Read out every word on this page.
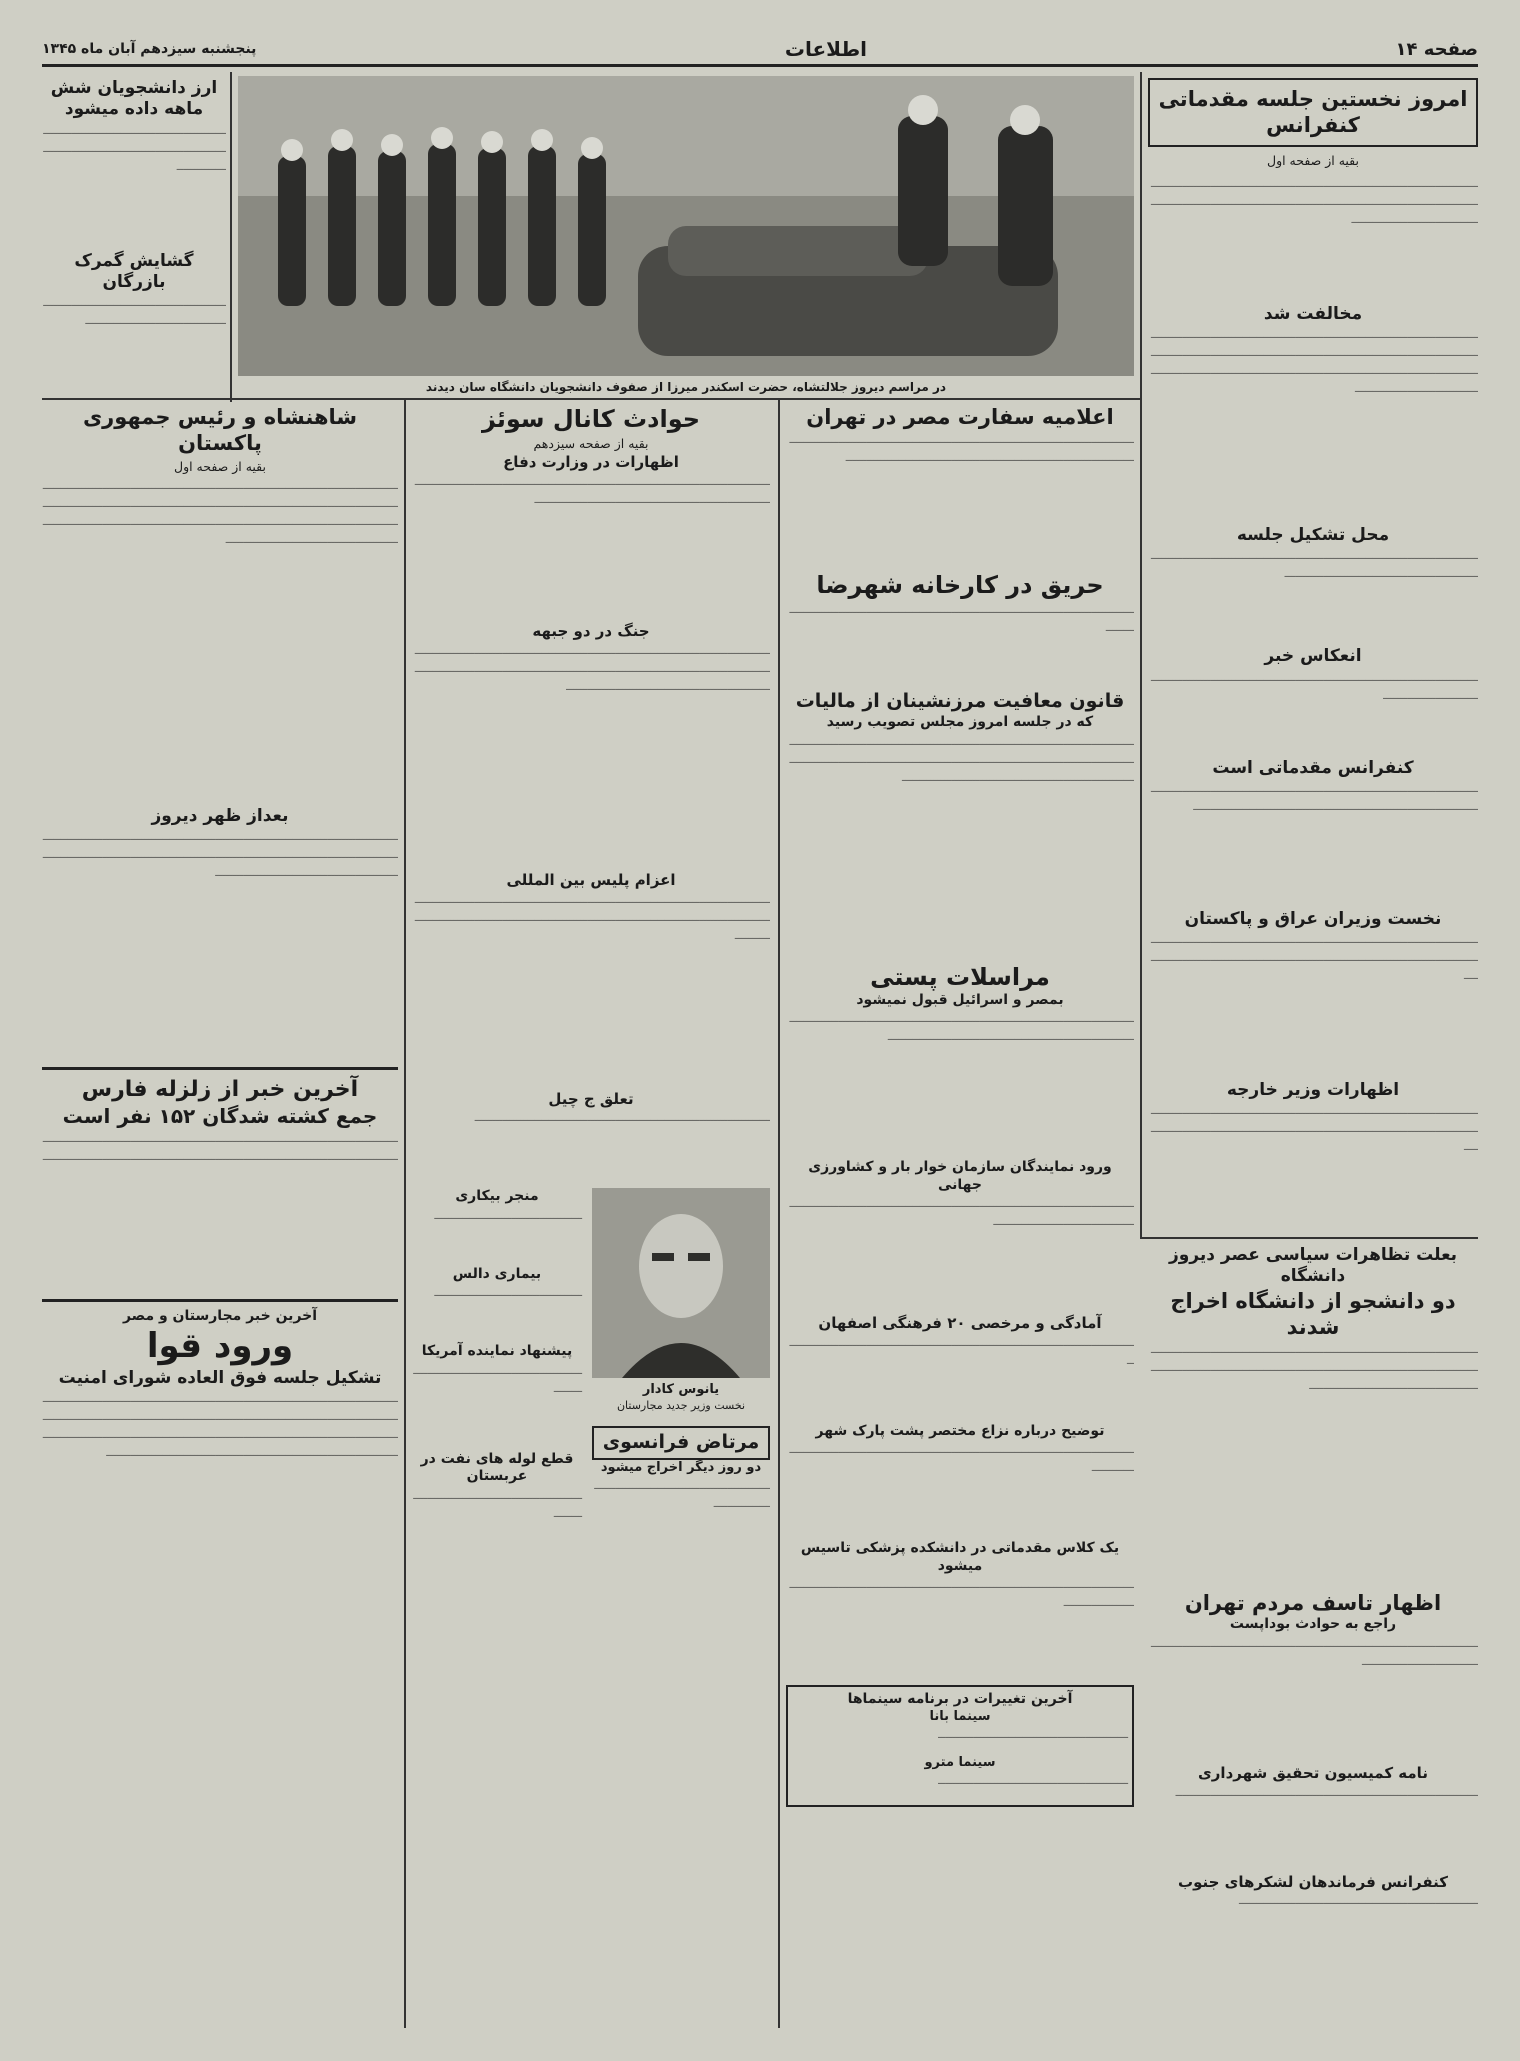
صفحه ۱۴
اطلاعات
پنجشنبه سیزدهم آبان ماه ۱۳۴۵
امروز نخستین جلسه مقدماتی کنفرانس
بقیه از صفحه اول
ــــــــــــــــــــــــــــــــــــــــــــــــــــــــــــــــــــــــــــــــــــــــــــــــــــــــــــــــــــــــــــــــــــــــــــــــــــــــــــــــــــــــــــــــــــــــــــــــــــــــــــــــــــــــــــــ
مخالفت شد
ــــــــــــــــــــــــــــــــــــــــــــــــــــــــــــــــــــــــــــــــــــــــــــــــــــــــــــــــــــــــــــــــــــــــــــــــــــــــــــــــــــــــــــــــــــــــــــــــــــــــــــــــــــــــــــــــــــــــــــــــــــــــــــــــــــــــــــــــــــــــــــــــــــــــــــــــــــــــــ
محل تشکیل جلسه
ــــــــــــــــــــــــــــــــــــــــــــــــــــــــــــــــــــــــــــــــــــــــــــــــــــــــــــــــــــــــــــــــــــــــــــــــــــ
انعکاس خبر
ــــــــــــــــــــــــــــــــــــــــــــــــــــــــــــــــــــــــــــــــــــــــــــــــــــــــــــــــــــــــ
کنفرانس مقدماتی است
ــــــــــــــــــــــــــــــــــــــــــــــــــــــــــــــــــــــــــــــــــــــــــــــــــــــــــــــــــــــــــــــــــــــــــــــــــــــــــــــــــــــــــــــ
نخست وزیران عراق و پاکستان
ــــــــــــــــــــــــــــــــــــــــــــــــــــــــــــــــــــــــــــــــــــــــــــــــــــــــــــــــــــــــــــــــــــــــــــــــــــــــــــــــــــــــــــــــــــــــــــــ
اظهارات وزیر خارجه
ــــــــــــــــــــــــــــــــــــــــــــــــــــــــــــــــــــــــــــــــــــــــــــــــــــــــــــــــــــــــــــــــــــــــــــــــــــــــــــــــــــــــــــــــــــــــــــــ
در مراسم دیروز جلالتشاه، حضرت اسکندر میرزا از صفوف دانشجویان دانشگاه سان دیدند
ارز دانشجویان شش ماهه داده میشود
ــــــــــــــــــــــــــــــــــــــــــــــــــــــــــــــــــــــــــــــــــــــــــــــــــــــــــــــــــــــ
گشایش گمرک بازرگان
ــــــــــــــــــــــــــــــــــــــــــــــــــــــــــــــــــــــــــــــــــــــــــــ
اعلامیه سفارت مصر در تهران
ــــــــــــــــــــــــــــــــــــــــــــــــــــــــــــــــــــــــــــــــــــــــــــــــــــــــــــــــــــــــــــــــــــــــــــــــــــــــــــــــــــــــــــــــــــ
حریق در کارخانه شهرضا
ــــــــــــــــــــــــــــــــــــــــــــــــــــــــــــــــــــــــــــــــــــــــــــــــــــــــــ
قانون معافیت مرزنشینان از مالیات
که در جلسه امروز مجلس تصویب رسید
ــــــــــــــــــــــــــــــــــــــــــــــــــــــــــــــــــــــــــــــــــــــــــــــــــــــــــــــــــــــــــــــــــــــــــــــــــــــــــــــــــــــــــــــــــــــــــــــــــــــــــــــــــــــــــــــــــــــــــــــــــــــــــــــــــــــ
مراسلات پستی
بمصر و اسرائیل قبول نمیشود
ــــــــــــــــــــــــــــــــــــــــــــــــــــــــــــــــــــــــــــــــــــــــــــــــــــــــــــــــــــــــــــــــــــــــــــــــــــــــــــــــــــــــ
ورود نمایندگان سازمان خوار بار و کشاورزی جهانی
ــــــــــــــــــــــــــــــــــــــــــــــــــــــــــــــــــــــــــــــــــــــــــــــــــــــــــــــــــــــــــــــــــــــــــ
آمادگی و مرخصی ۲۰ فرهنگی اصفهان
ــــــــــــــــــــــــــــــــــــــــــــــــــــــــــــــــــــــــــــــــــــــــــــــــــــ
توضیح درباره نزاع مختصر پشت پارک شهر
ــــــــــــــــــــــــــــــــــــــــــــــــــــــــــــــــــــــــــــــــــــــــــــــــــــــــــــــ
یک کلاس مقدماتی در دانشکده پزشکی تاسیس میشود
ــــــــــــــــــــــــــــــــــــــــــــــــــــــــــــــــــــــــــــــــــــــــــــــــــــــــــــــــــــــ
آخرین تغییرات در برنامه سینماها
سینما بانا
ــــــــــــــــــــــــــــــــــــــــــــــــــــــ
سینما مترو
ــــــــــــــــــــــــــــــــــــــــــــــــــــــ
حوادث کانال سوئز
بقیه از صفحه سیزدهم
اظهارات در وزارت دفاع
ــــــــــــــــــــــــــــــــــــــــــــــــــــــــــــــــــــــــــــــــــــــــــــــــــــــــــــــــــــــــــــــــــــــــــــــــــــــــــــــــــــــــ
جنگ در دو جبهه
ــــــــــــــــــــــــــــــــــــــــــــــــــــــــــــــــــــــــــــــــــــــــــــــــــــــــــــــــــــــــــــــــــــــــــــــــــــــــــــــــــــــــــــــــــــــــــــــــــــــــــــــــــــــــــــــــــــــــــــــــــــــــــــــــــــ
اعزام پلیس بین المللی
ــــــــــــــــــــــــــــــــــــــــــــــــــــــــــــــــــــــــــــــــــــــــــــــــــــــــــــــــــــــــــــــــــــــــــــــــــــــــــــــــــــــــــــــــــــــــــــــــــــــــــــــــــــ
تعلق ج چیل
ــــــــــــــــــــــــــــــــــــــــــــــــــــــــــــــــــــــــــــــــــــ
منجر بیکاری
ــــــــــــــــــــــــــــــــــــــــــ
بیماری دالس
ــــــــــــــــــــــــــــــــــــــــــ
پیشنهاد نماینده آمریکا
ــــــــــــــــــــــــــــــــــــــــــــــــــــــــ
قطع لوله های نفت در عربستان
ــــــــــــــــــــــــــــــــــــــــــــــــــــــــ
یانوس کادار
نخست وزیر جدید مجارستان
مرتاض فرانسوی
دو روز دیگر اخراج میشود
ــــــــــــــــــــــــــــــــــــــــــــــــــــــــــــــــــ
شاهنشاه و رئیس جمهوری پاکستان
بقیه از صفحه اول
ــــــــــــــــــــــــــــــــــــــــــــــــــــــــــــــــــــــــــــــــــــــــــــــــــــــــــــــــــــــــــــــــــــــــــــــــــــــــــــــــــــــــــــــــــــــــــــــــــــــــــــــــــــــــــــــــــــــــــــــــــــــــــــــــــــــــــــــــــــــــــــــــــــــــــــــــــــــــــــــــــــــــــــــــــــــــــــــــ
بعداز ظهر دیروز
ــــــــــــــــــــــــــــــــــــــــــــــــــــــــــــــــــــــــــــــــــــــــــــــــــــــــــــــــــــــــــــــــــــــــــــــــــــــــــــــــــــــــــــــــــــــــــــــــــــــــــــــــــــــــــــــــــــــــــــــــــــــــــــــ
آخرین خبر از زلزله فارس
جمع کشته شدگان ۱۵۲ نفر است
ــــــــــــــــــــــــــــــــــــــــــــــــــــــــــــــــــــــــــــــــــــــــــــــــــــــــــــــــــــــــــــــــــــــــــــــــــــــــــــــــــــــــــــــــــــــــــــــــــــــــــ
آخرین خبر مجارستان و مصر
ورود قوا
تشکیل جلسه فوق العاده شورای امنیت
ــــــــــــــــــــــــــــــــــــــــــــــــــــــــــــــــــــــــــــــــــــــــــــــــــــــــــــــــــــــــــــــــــــــــــــــــــــــــــــــــــــــــــــــــــــــــــــــــــــــــــــــــــــــــــــــــــــــــــــــــــــــــــــــــــــــــــــــــــــــــــــــــــــــــــــــــــــــــــــــــــــــــــــــــــــــــــــــــــــــــــــــــــــــــــــــــــ
بعلت تظاهرات سیاسی عصر دیروز دانشگاه
دو دانشجو از دانشگاه اخراج شدند
ــــــــــــــــــــــــــــــــــــــــــــــــــــــــــــــــــــــــــــــــــــــــــــــــــــــــــــــــــــــــــــــــــــــــــــــــــــــــــــــــــــــــــــــــــــــــــــــــــــــــــــــــــــــــــــــــــــــــــ
اظهار تاسف مردم تهران
راجع به حوادث بوداپست
ــــــــــــــــــــــــــــــــــــــــــــــــــــــــــــــــــــــــــــــــــــــــــــــــــــــــــــــــــــــــــــــ
نامه کمیسیون تحقیق شهرداری
ــــــــــــــــــــــــــــــــــــــــــــــــــــــــــــــــــــــــــــــــــــــ
کنفرانس فرماندهان لشکرهای جنوب
ــــــــــــــــــــــــــــــــــــــــــــــــــــــــــــــــــــ
